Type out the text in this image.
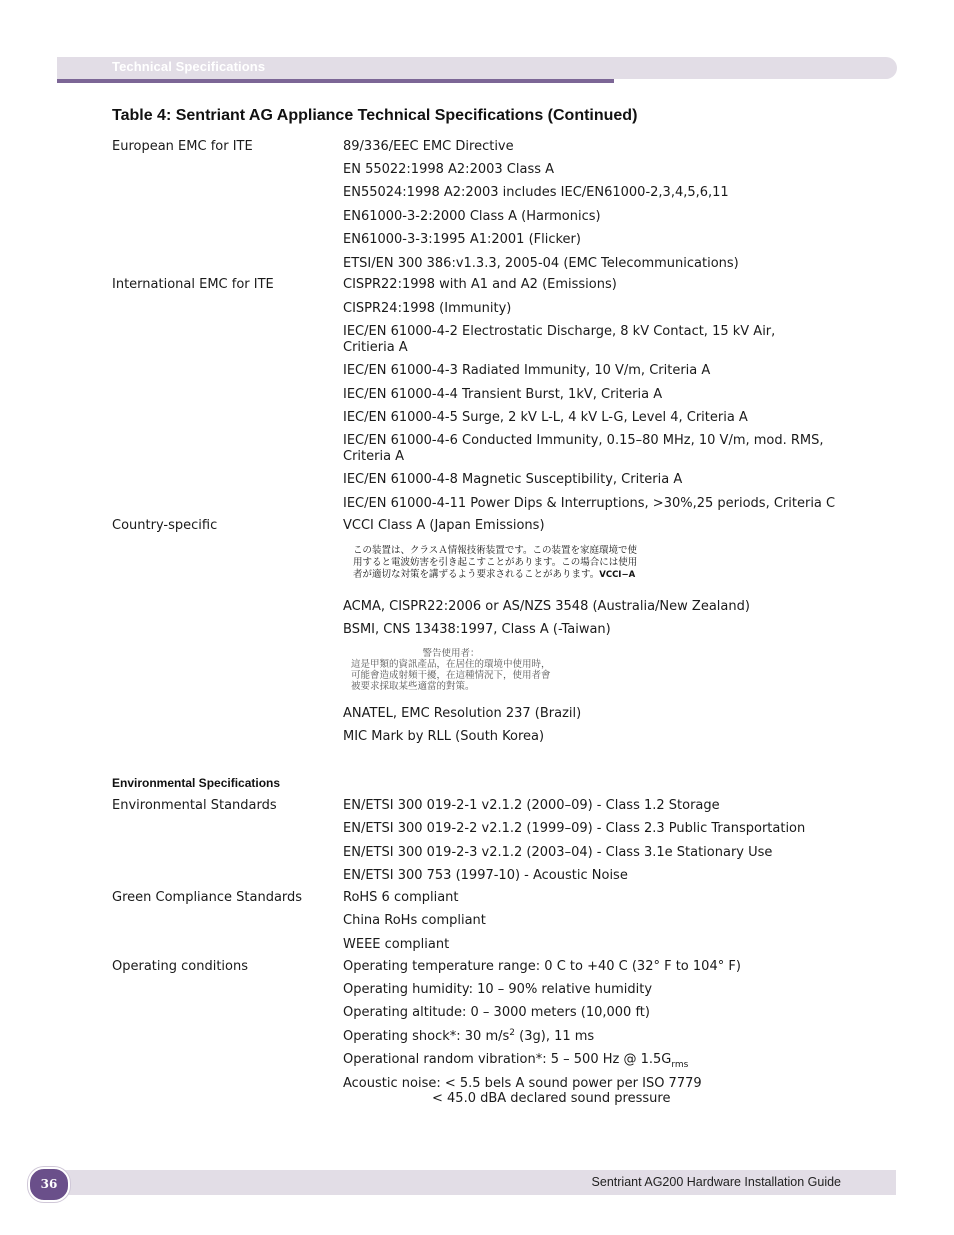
Technical Specifications
Table 4: Sentriant AG Appliance Technical Specifications (Continued)
European EMC for ITE	89/336/EEC EMC Directive
EN 55022:1998 A2:2003 Class A
EN55024:1998 A2:2003 includes IEC/EN61000-2,3,4,5,6,11
EN61000-3-2:2000 Class A (Harmonics)
EN61000-3-3:1995 A1:2001 (Flicker)
ETSI/EN 300 386:v1.3.3, 2005-04 (EMC Telecommunications)
International EMC for ITE	CISPR22:1998 with A1 and A2 (Emissions)
CISPR24:1998 (Immunity)
IEC/EN 61000-4-2 Electrostatic Discharge, 8 kV Contact, 15 kV Air,
Critieria A
IEC/EN 61000-4-3 Radiated Immunity, 10 V/m, Criteria A
IEC/EN 61000-4-4 Transient Burst, 1kV, Criteria A
IEC/EN 61000-4-5 Surge, 2 kV L-L, 4 kV L-G, Level 4, Criteria A
IEC/EN 61000-4-6 Conducted Immunity, 0.15–80 MHz, 10 V/m, mod. RMS,
Criteria A
IEC/EN 61000-4-8 Magnetic Susceptibility, Criteria A
IEC/EN 61000-4-11 Power Dips & Interruptions, >30%,25 periods, Criteria C
Country-specific	VCCI Class A (Japan Emissions)
この装置は、クラスＡ情報技術装置です。この装置を家庭環境で使
用すると電波妨害を引き起こすことがあります。この場合には使用
者が適切な対策を講ずるよう要求されることがあります。VCCI−A
ACMA, CISPR22:2006 or AS/NZS 3548 (Australia/New Zealand)
BSMI, CNS 13438:1997, Class A (-Taiwan)
警告使用者：
這是甲類的資訊產品，在居住的環境中使用時，
可能會造成射頻干擾，在這種情況下，使用者會
被要求採取某些適當的對策。
ANATEL, EMC Resolution 237 (Brazil)
MIC Mark by RLL (South Korea)
Environmental Specifications
Environmental Standards	EN/ETSI 300 019-2-1 v2.1.2 (2000–09) - Class 1.2 Storage
EN/ETSI 300 019-2-2 v2.1.2 (1999–09) - Class 2.3 Public Transportation
EN/ETSI 300 019-2-3 v2.1.2 (2003–04) - Class 3.1e Stationary Use
EN/ETSI 300 753 (1997-10) - Acoustic Noise
Green Compliance Standards	RoHS 6 compliant
China RoHs compliant
WEEE compliant
Operating conditions	Operating temperature range: 0 C to +40 C (32° F to 104° F)
Operating humidity: 10 – 90% relative humidity
Operating altitude: 0 – 3000 meters (10,000 ft)
Operating shock*: 30 $m/s^2$ (3g), 11 ms
Operational random vibration*: 5 – 500 Hz @ $1.5G_{rms}$
Acoustic noise: < 5.5 bels A sound power per ISO 7779
< 45.0 dBA declared sound pressure
36	Sentriant AG200 Hardware Installation Guide
